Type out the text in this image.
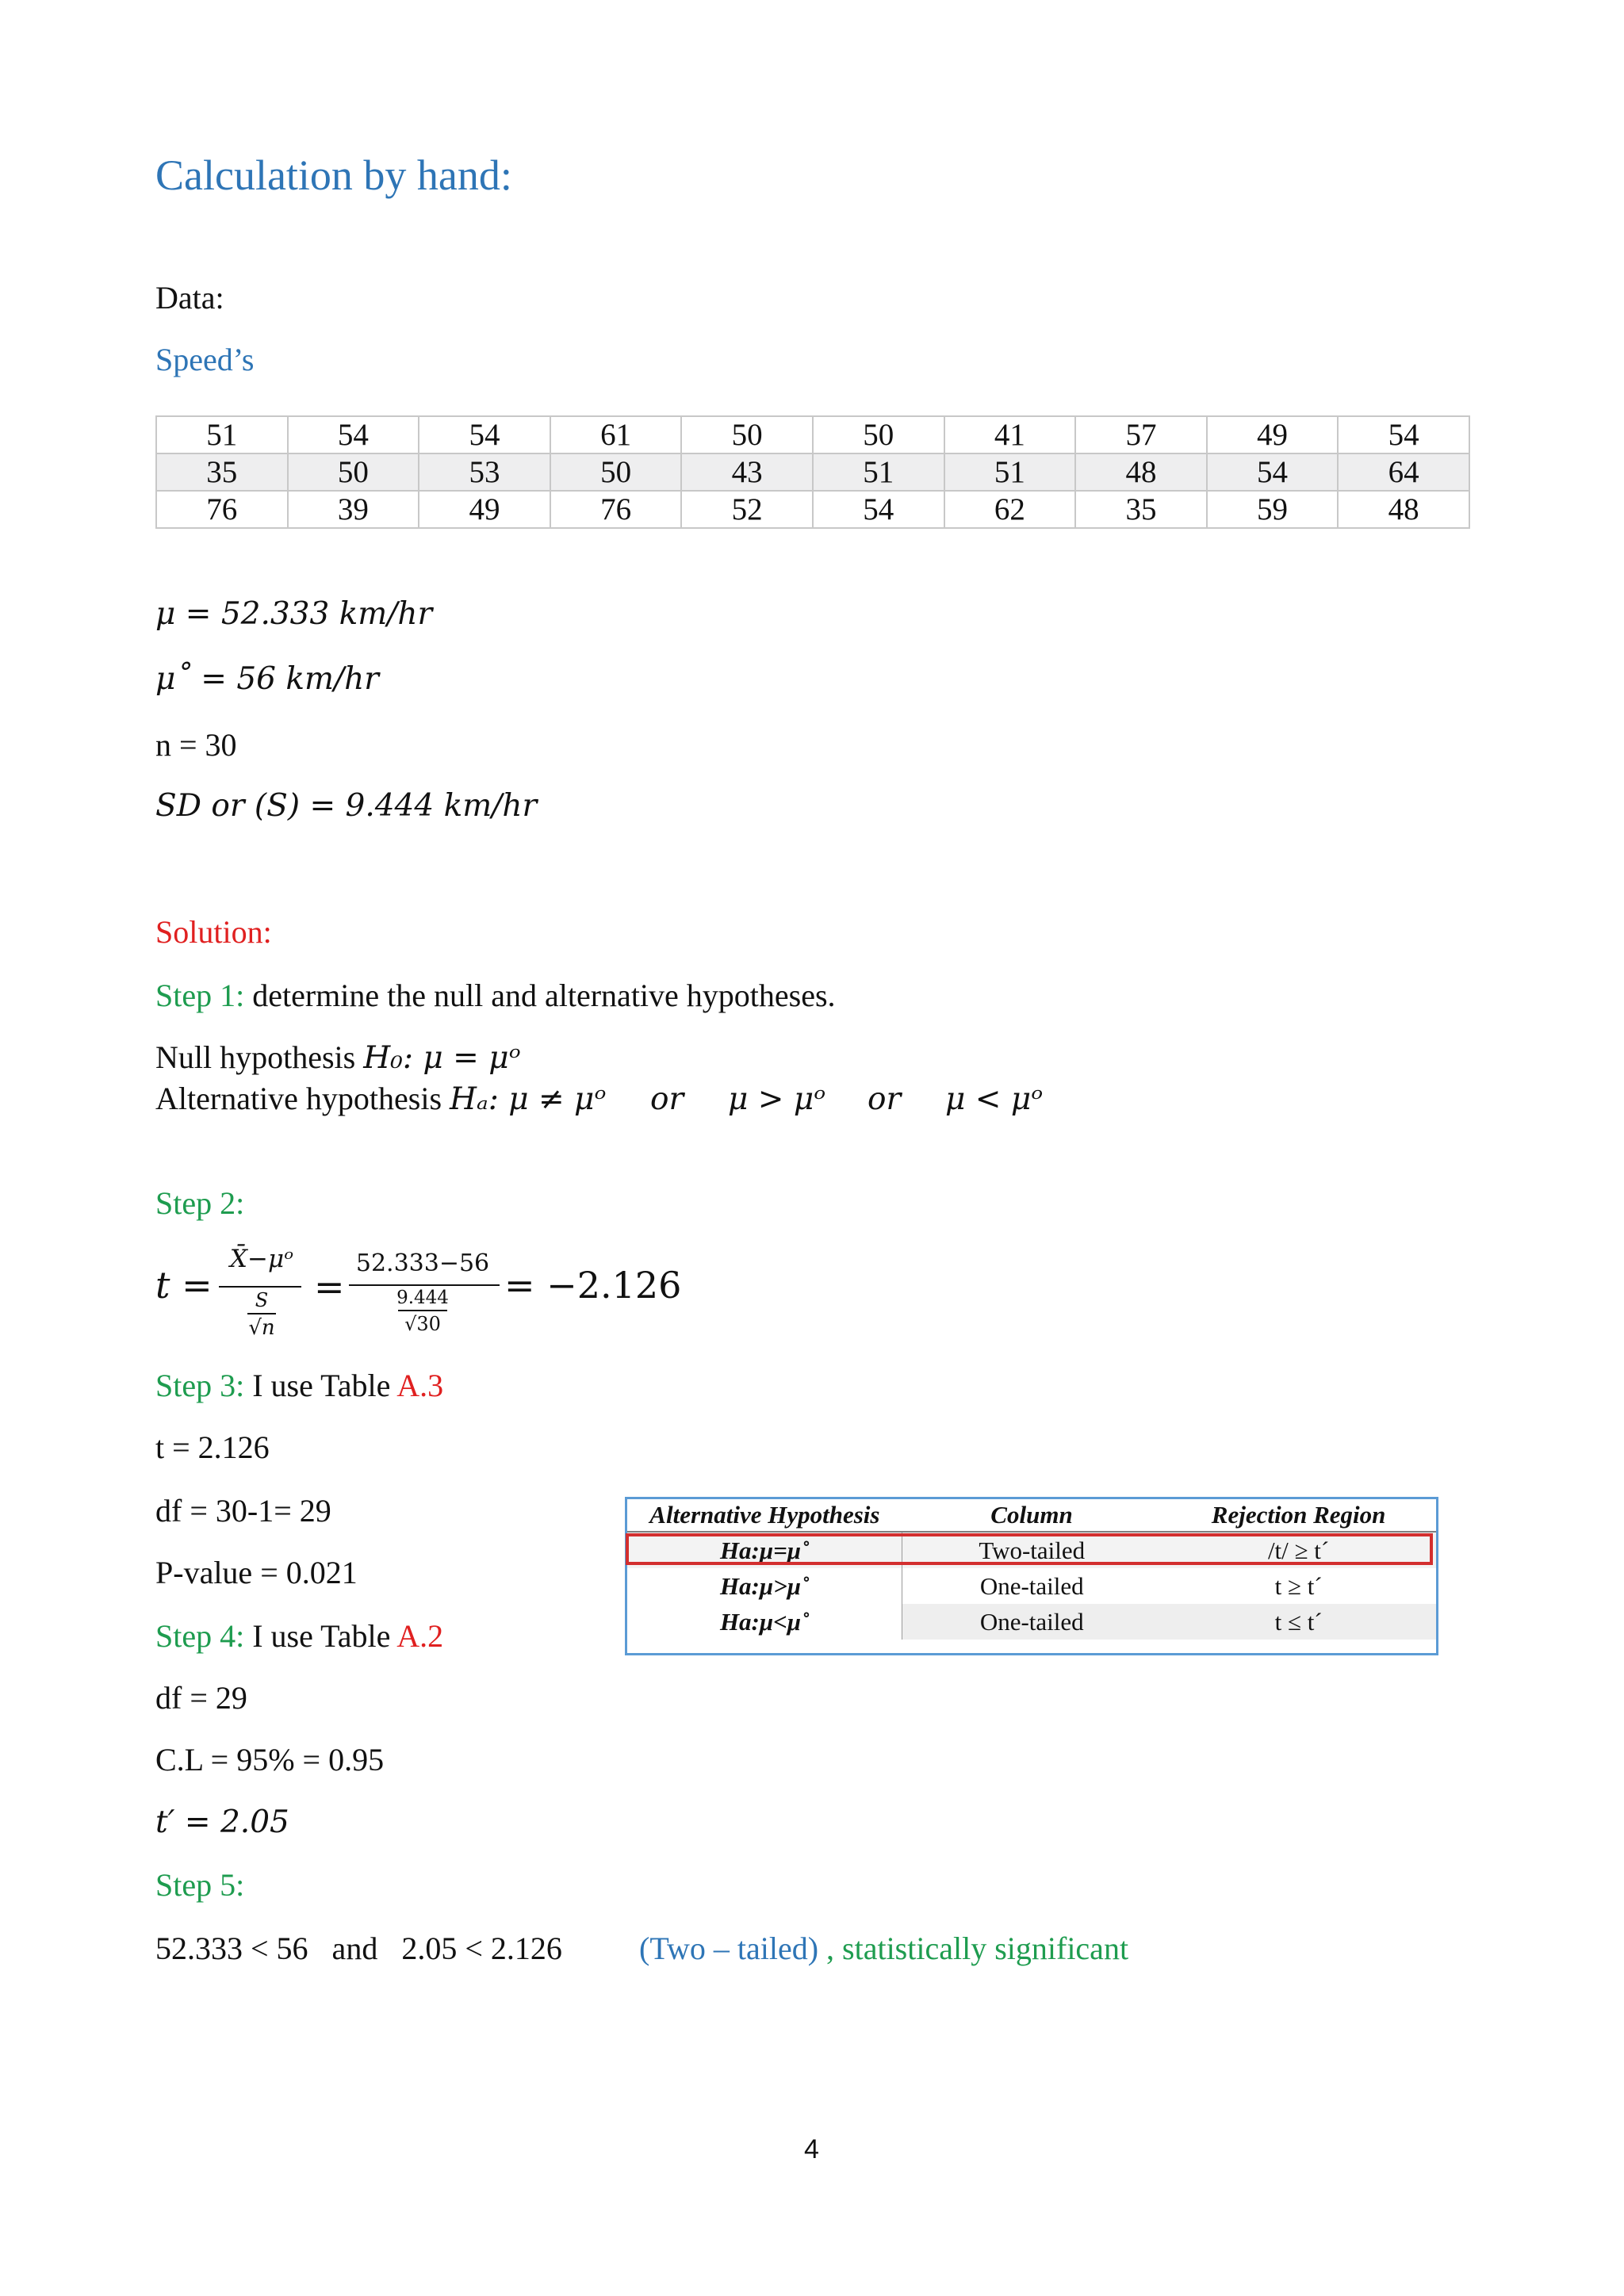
Calculation by hand:
Data:
Speed’s
51	54	54	61	50	50	41	57	49	54
35	50	53	50	43	51	51	48	54	64
76	39	49	76	52	54	62	35	59	48
μ = 52.333 km/hr
μ˚ = 56 km/hr
n = 30
SD or (S) = 9.444 km/hr
Solution:
Step 1: determine the null and alternative hypotheses.
Null hypothesis H₀: μ = μᵒ
Alternative hypothesis Hₐ: μ ≠ μᵒ or μ > μᵒ or μ < μᵒ
Step 2:
t =
X̄−μᵒ
S
√n
=
52.333−56
9.444
√30
= −2.126
Step 3: I use Table A.3
t = 2.126
df = 30-1= 29
P-value = 0.021
Step 4: I use Table A.2
df = 29
C.L = 95% = 0.95
t′ = 2.05
Step 5:
52.333 < 56   and   2.05 < 2.126 (Two – tailed) , statistically significant
Alternative Hypothesis	Column	Rejection Region
Ha:μ=μ˚	Two-tailed	/t/ ≥ t´
Ha:μ>μ˚	One-tailed	t ≥ t´
Ha:μ<μ˚	One-tailed	t ≤ t´
4
